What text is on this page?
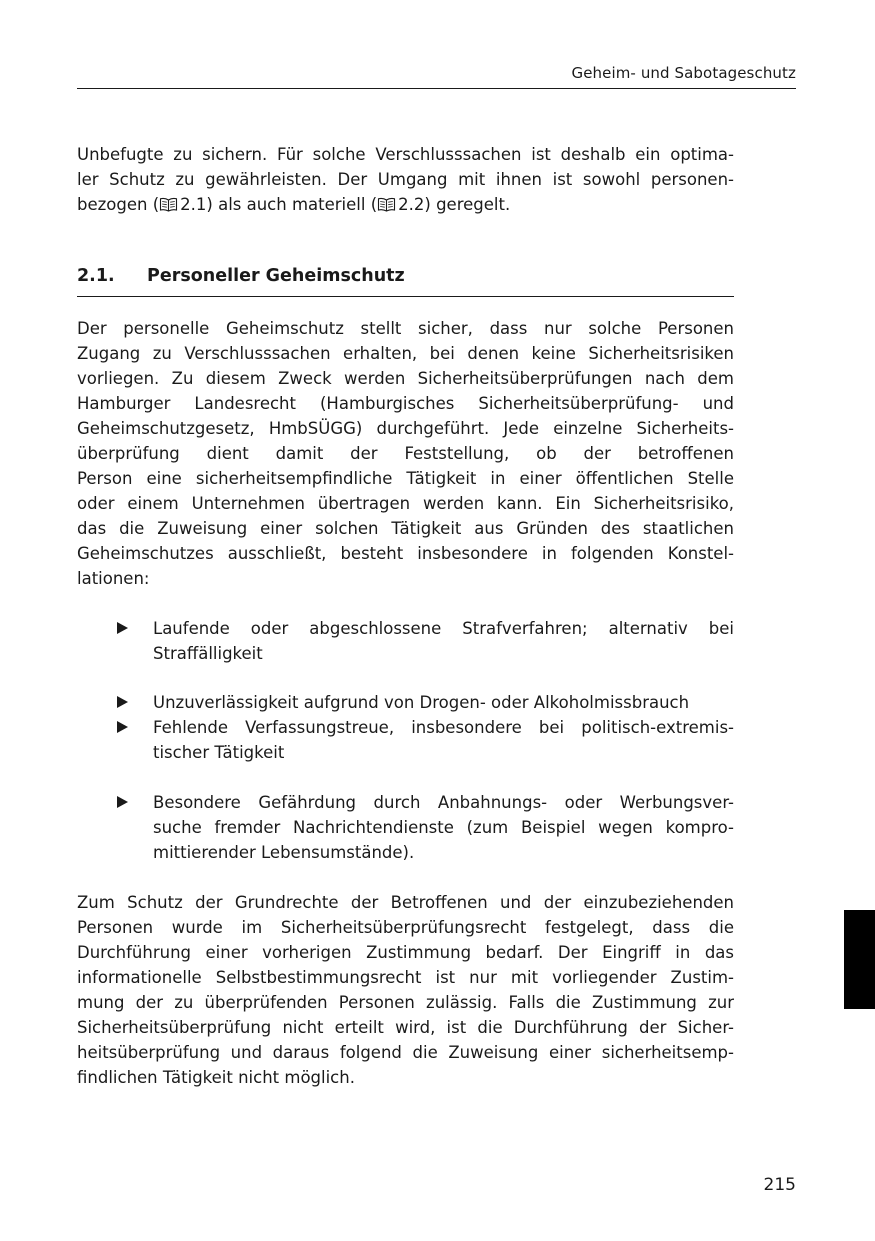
Geheim- und Sabotageschutz

Unbefugte zu sichern. Für solche Verschlusssachen ist deshalb ein optima-
ler Schutz zu gewährleisten. Der Umgang mit ihnen ist sowohl personen-
bezogen ( 2.1) als auch materiell ( 2.2) geregelt.

2.1.	Personeller Geheimschutz

Der personelle Geheimschutz stellt sicher, dass nur solche Personen
Zugang zu Verschlusssachen erhalten, bei denen keine Sicherheitsrisiken
vorliegen. Zu diesem Zweck werden Sicherheitsüberprüfungen nach dem
Hamburger Landesrecht (Hamburgisches Sicherheitsüberprüfung- und
Geheimschutzgesetz, HmbSÜGG) durchgeführt. Jede einzelne Sicherheits-
überprüfung dient damit der Feststellung, ob der betroffenen
Person eine sicherheitsempfindliche Tätigkeit in einer öffentlichen Stelle
oder einem Unternehmen übertragen werden kann. Ein Sicherheitsrisiko,
das die Zuweisung einer solchen Tätigkeit aus Gründen des staatlichen
Geheimschutzes ausschließt, besteht insbesondere in folgenden Konstel-
lationen:

Laufende oder abgeschlossene Strafverfahren; alternativ bei
Straffälligkeit
Unzuverlässigkeit aufgrund von Drogen- oder Alkoholmissbrauch
Fehlende Verfassungstreue, insbesondere bei politisch-extremis-
tischer Tätigkeit
Besondere Gefährdung durch Anbahnungs- oder Werbungsver-
suche fremder Nachrichtendienste (zum Beispiel wegen kompro-
mittierender Lebensumstände).

Zum Schutz der Grundrechte der Betroffenen und der einzubeziehenden
Personen wurde im Sicherheitsüberprüfungsrecht festgelegt, dass die
Durchführung einer vorherigen Zustimmung bedarf. Der Eingriff in das
informationelle Selbstbestimmungsrecht ist nur mit vorliegender Zustim-
mung der zu überprüfenden Personen zulässig. Falls die Zustimmung zur
Sicherheitsüberprüfung nicht erteilt wird, ist die Durchführung der Sicher-
heitsüberprüfung und daraus folgend die Zuweisung einer sicherheitsemp-
findlichen Tätigkeit nicht möglich.

215
